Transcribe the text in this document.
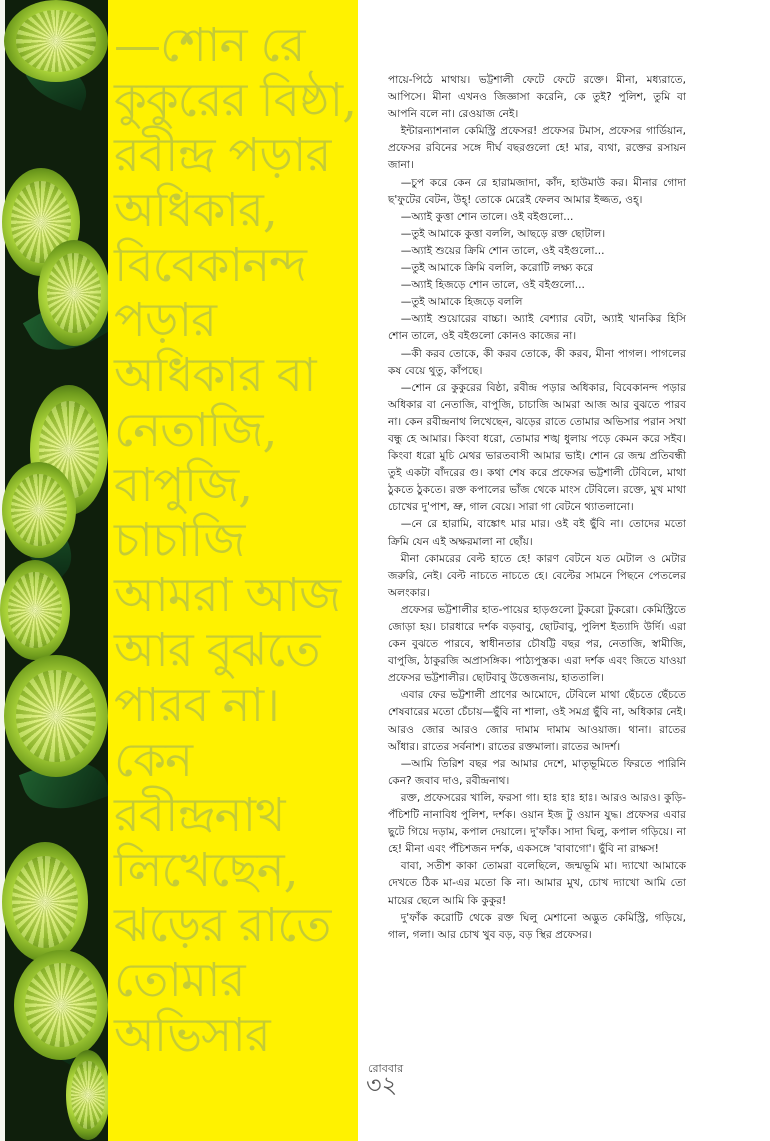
—শোন রে কুকুরের বিষ্ঠা, রবীন্দ্র পড়ার অধিকার, বিবেকানন্দ পড়ার অধিকার বা নেতাজি, বাপুজি, চাচাজি আমরা আজ আর বুঝতে পারব না। কেন রবীন্দ্রনাথ লিখেছেন, ঝড়ের রাতে তোমার অভিসার

পায়ে-পিঠে মাথায়। ভট্টশালী ফেটে ফেটে রক্তে। মীনা, মধ্যরাতে, আপিসে। মীনা এখনও জিজ্ঞাসা করেনি, কে তুই? পুলিশ, তুমি বা আপনি বলে না। রেওয়াজ নেই।

ইন্টারন্যাশনাল কেমিস্ট্রি প্রফেসর! প্রফেসর টমাস, প্রফেসর গার্ডিয়ান, প্রফেসর রবিনের সঙ্গে দীর্ঘ বছরগুলো হে! মার, ব্যথা, রক্তের রসায়ন জানা।

—চুপ করে কেন রে হারামজাদা, কাঁদ, হাউমাউ কর। মীনার গোদা ছ'ফুটের বেটন, উহ্! তোকে মেরেই ফেলব আমার ইজ্জত, ওহ্।

—অ্যাই কুত্তা শোন তালে। ওই বইগুলো...

—তুই আমাকে কুত্তা বললি, আছড়ে রক্ত ছোটাল।

—অ্যাই শুয়ের ক্রিমি শোন তালে, ওই বইগুলো...

—তুই আমাকে ক্রিমি বললি, করোটি লক্ষ্য করে

—অ্যাই হিজড়ে শোন তালে, ওই বইগুলো...

—তুই আমাকে হিজড়ে বললি

—অ্যাই শুয়োরের বাচ্চা। অ্যাই বেশ্যার বেটা, অ্যাই খানকির হিসি শোন তালে, ওই বইগুলো কোনও কাজের না।

—কী করব তোকে, কী করব তোকে, কী করব, মীনা পাগল। পাগলের কষ বেয়ে থুতু, কাঁপছে।

—শোন রে কুকুরের বিষ্ঠা, রবীন্দ্র পড়ার অধিকার, বিবেকানন্দ পড়ার অধিকার বা নেতাজি, বাপুজি, চাচাজি আমরা আজ আর বুঝতে পারব না। কেন রবীন্দ্রনাথ লিখেছেন, ঝড়ের রাতে তোমার অভিসার পরান সখা বন্ধু হে আমার। কিংবা ধরো, তোমার শঙ্খ ধুলায় পড়ে কেমন করে সইব। কিংবা ধরো মুচি মেথর ভারতবাসী আমার ভাই। শোন রে জন্ম প্রতিবন্ধী তুই একটা বাঁদরের গু। কথা শেষ করে প্রফেসর ভট্টশালী টেবিলে, মাথা ঠুকতে ঠুকতে। রক্ত কপালের ভাঁজ থেকে মাংস টেবিলে। রক্তে, মুখ মাথা চোখের দু'পাশ, ভ্রু, গাল বেয়ে। সারা গা বেটনে থ্যাতলানো।

—নে রে হারামি, বাঙ্কোৎ মার মার। ওই বই ছুঁবি না। তোদের মতো ক্রিমি যেন এই অক্ষরমালা না ছোঁয়।

মীনা কোমরের বেল্ট হাতে হে! কারণ বেটনে যত মেটাল ও মেটার জরুরি, নেই। বেল্ট নাচতে নাচতে হে। বেল্টের সামনে পিছনে পেতলের অলংকার।

প্রফেসর ভট্টশালীর হাত-পায়ের হাড়গুলো টুকরো টুকরো। কেমিস্ট্রিতে জোড়া হয়। চারধারে দর্শক বড়বাবু, ছোটবাবু, পুলিশ ইত্যাদি উর্দি। এরা কেন বুঝতে পারবে, স্বাধীনতার চৌষট্টি বছর পর, নেতাজি, স্বামীজি, বাপুজি, ঠাকুরজি অপ্রাসঙ্গিক। পাঠ্যপুস্তক। এরা দর্শক এবং জিতে যাওয়া প্রফেসর ভট্টশালীর। ছোটবাবু উত্তেজনায়, হাততালি।

এবার ফের ভট্টশালী প্রাণের আমোদে, টেবিলে মাথা ছেঁচতে ছেঁচতে শেষবারের মতো চেঁচায়—ছুঁবি না শালা, ওই সমগ্র ছুঁবি না, অধিকার নেই। আরও জোর আরও জোর দামাম দামাম আওয়াজ। থানা। রাতের আঁধার। রাতের সর্বনাশ। রাতের রক্তমালা। রাতের আদর্শ।

—আমি তিরিশ বছর পর আমার দেশে, মাতৃভূমিতে ফিরতে পারিনি কেন? জবাব দাও, রবীন্দ্রনাথ।

রক্ত, প্রফেসরের খালি, ফরসা গা। হাঃ হাঃ হাঃ। আরও আরও। কুড়ি-পঁচিশটি নানাবিধ পুলিশ, দর্শক। ওয়ান ইজ টু ওয়ান যুদ্ধ। প্রফেসর এবার ছুটে গিয়ে দড়াম, কপাল দেয়ালে। দু'ফাঁক। সাদা ঘিলু, কপাল গড়িয়ে। না হে! মীনা এবং পঁচিশজন দর্শক, একসঙ্গে 'বাবাগো'। ছুঁবি না রাক্ষস!

বাবা, সতীশ কাকা তোমরা বলেছিলে, জন্মভূমি মা। দ্যাখো আমাকে দেখতে ঠিক মা-এর মতো কি না। আমার মুখ, চোখ দ্যাখো আমি তো মায়ের ছেলে আমি কি কুকুর!

দু'ফাঁক করোটি থেকে রক্ত ঘিলু মেশানো অদ্ভুত কেমিস্ট্রি, গড়িয়ে, গাল, গলা। আর চোখ খুব বড়, বড় স্থির প্রফেসর।

রোববার
৩২
